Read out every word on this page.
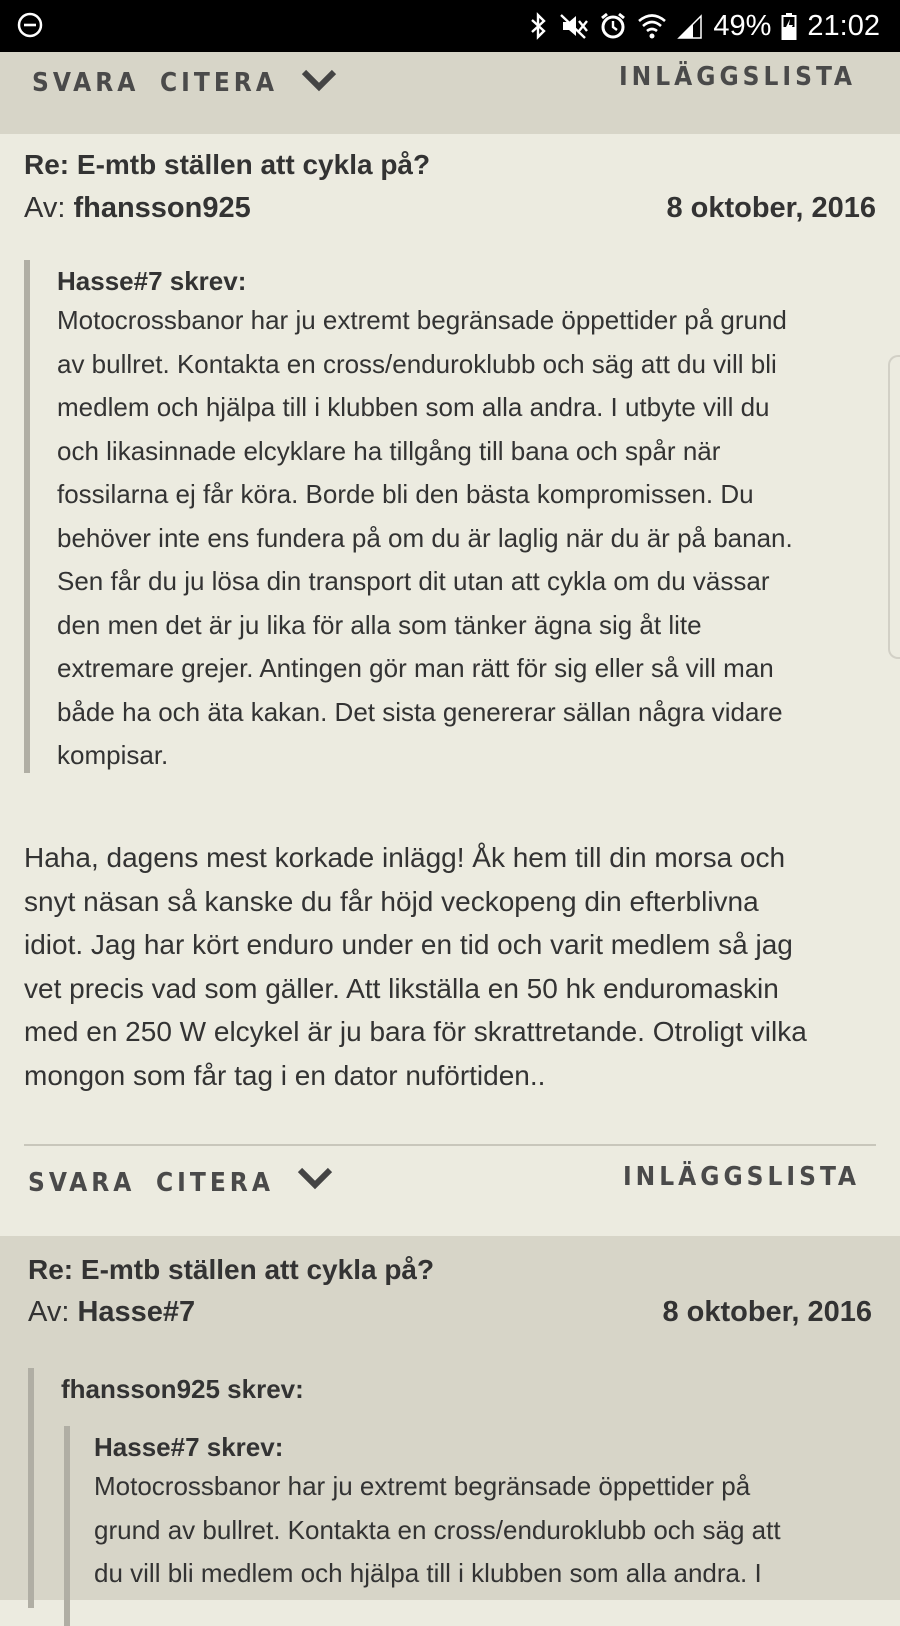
49% 21:02
SVARA CITERA	INLÄGGSLISTA
Re: E-mtb ställen att cykla på?
Av: fhansson925	8 oktober, 2016
Hasse#7 skrev:
Motocrossbanor har ju extremt begränsade öppettider på grund
av bullret. Kontakta en cross/enduroklubb och säg att du vill bli
medlem och hjälpa till i klubben som alla andra. I utbyte vill du
och likasinnade elcyklare ha tillgång till bana och spår när
fossilarna ej får köra. Borde bli den bästa kompromissen. Du
behöver inte ens fundera på om du är laglig när du är på banan.
Sen får du ju lösa din transport dit utan att cykla om du vässar
den men det är ju lika för alla som tänker ägna sig åt lite
extremare grejer. Antingen gör man rätt för sig eller så vill man
både ha och äta kakan. Det sista genererar sällan några vidare
kompisar.
Haha, dagens mest korkade inlägg! Åk hem till din morsa och
snyt näsan så kanske du får höjd veckopeng din efterblivna
idiot. Jag har kört enduro under en tid och varit medlem så jag
vet precis vad som gäller. Att likställa en 50 hk enduromaskin
med en 250 W elcykel är ju bara för skrattretande. Otroligt vilka
mongon som får tag i en dator nuförtiden..
SVARA CITERA	INLÄGGSLISTA
Re: E-mtb ställen att cykla på?
Av: Hasse#7	8 oktober, 2016
fhansson925 skrev:
Hasse#7 skrev:
Motocrossbanor har ju extremt begränsade öppettider på
grund av bullret. Kontakta en cross/enduroklubb och säg att
du vill bli medlem och hjälpa till i klubben som alla andra. I
